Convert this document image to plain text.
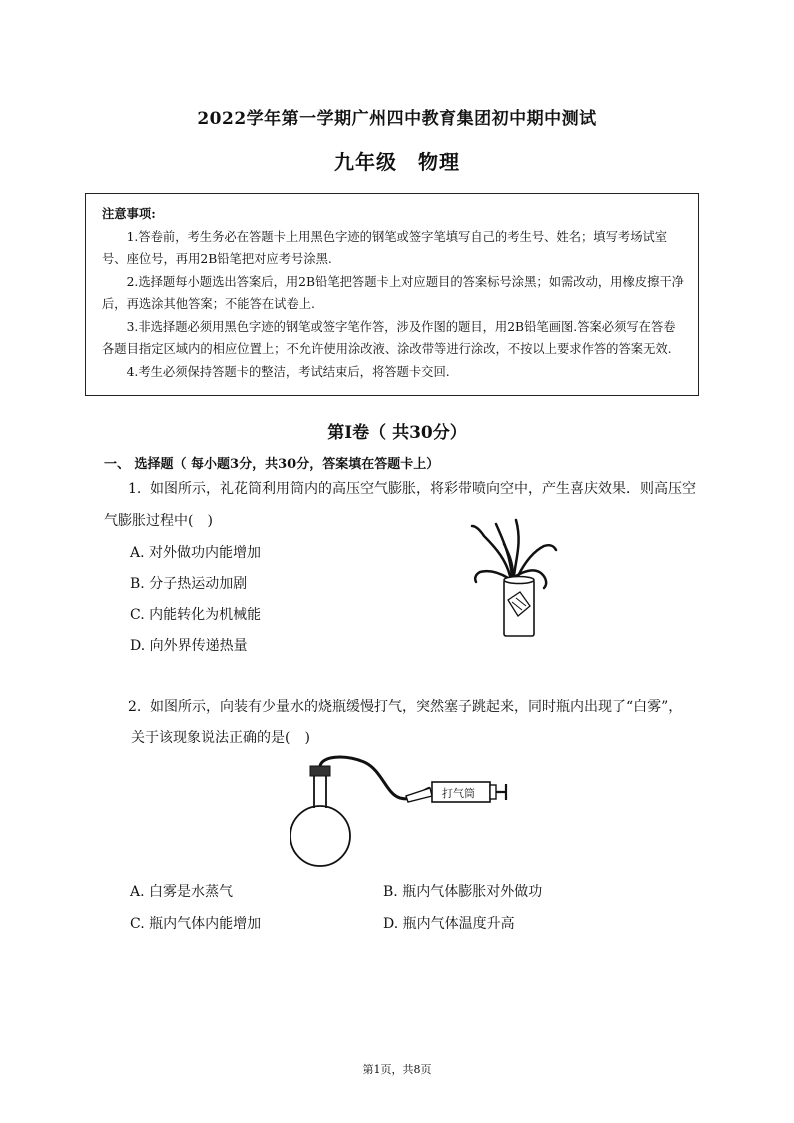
2022学年第一学期广州四中教育集团初中期中测试
九年级　物理
注意事项:

1.答卷前，考生务必在答题卡上用黑色字迹的钢笔或签字笔填写自己的考生号、姓名；填写考场试室号、座位号，再用2B铅笔把对应考号涂黑.

2.选择题每小题选出答案后，用2B铅笔把答题卡上对应题目的答案标号涂黑；如需改动，用橡皮擦干净后，再选涂其他答案；不能答在试卷上.

3.非选择题必须用黑色字迹的钢笔或签字笔作答，涉及作图的题目，用2B铅笔画图.答案必须写在答卷各题目指定区域内的相应位置上；不允许使用涂改液、涂改带等进行涂改，不按以上要求作答的答案无效.

4.考生必须保持答题卡的整洁，考试结束后，将答题卡交回.

第Ⅰ卷（ 共30分）
一、 选择题（ 每小题3分，共30分，答案填在答题卡上）
1. 如图所示，礼花筒利用筒内的高压空气膨胀，将彩带喷向空中，产生喜庆效果．则高压空
气膨胀过程中(　)
A. 对外做功内能增加
B. 分子热运动加剧
C. 内能转化为机械能
D. 向外界传递热量
2. 如图所示，向装有少量水的烧瓶缓慢打气，突然塞子跳起来，同时瓶内出现了“白雾”，
关于该现象说法正确的是(　)
打气筒
A. 白雾是水蒸气	B. 瓶内气体膨胀对外做功
C. 瓶内气体内能增加	D. 瓶内气体温度升高
第1页，共8页
